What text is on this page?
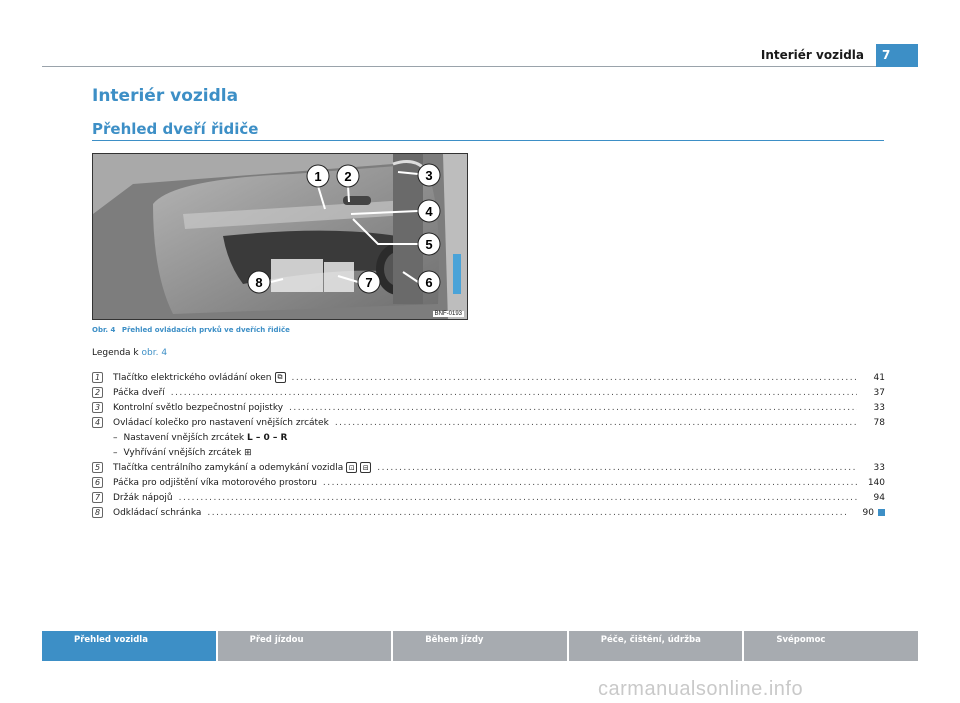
Interiér vozidla	7
Interiér vozidla
Přehled dveří řidiče
1 2	3
4
5
6
7
8
BNF-0193
Obr. 4 Přehled ovládacích prvků ve dveřích řidiče
Legenda k obr. 4
1	Tlačítko elektrického ovládání oken ⧉ .....	41
2	Páčka dveří .....	37
3	Kontrolní světlo bezpečnostní pojistky .....	33
4	Ovládací kolečko pro nastavení vnějších zrcátek .....	78
– Nastavení vnějších zrcátek
L – 0 – R
– Vyhřívání vnějších zrcátek
⊞
5	Tlačítka centrálního zamykání a odemykání vozidla ⊡ ⊟ .....	33
6	Páčka pro odjištění víka motorového prostoru .....	140
7	Držák nápojů .....	94
8	Odkládací schránka .....	90
Přehled vozidla	Před jízdou	Během jízdy	Péče, čištění, údržba	Svépomoc
carmanualsonline.info
